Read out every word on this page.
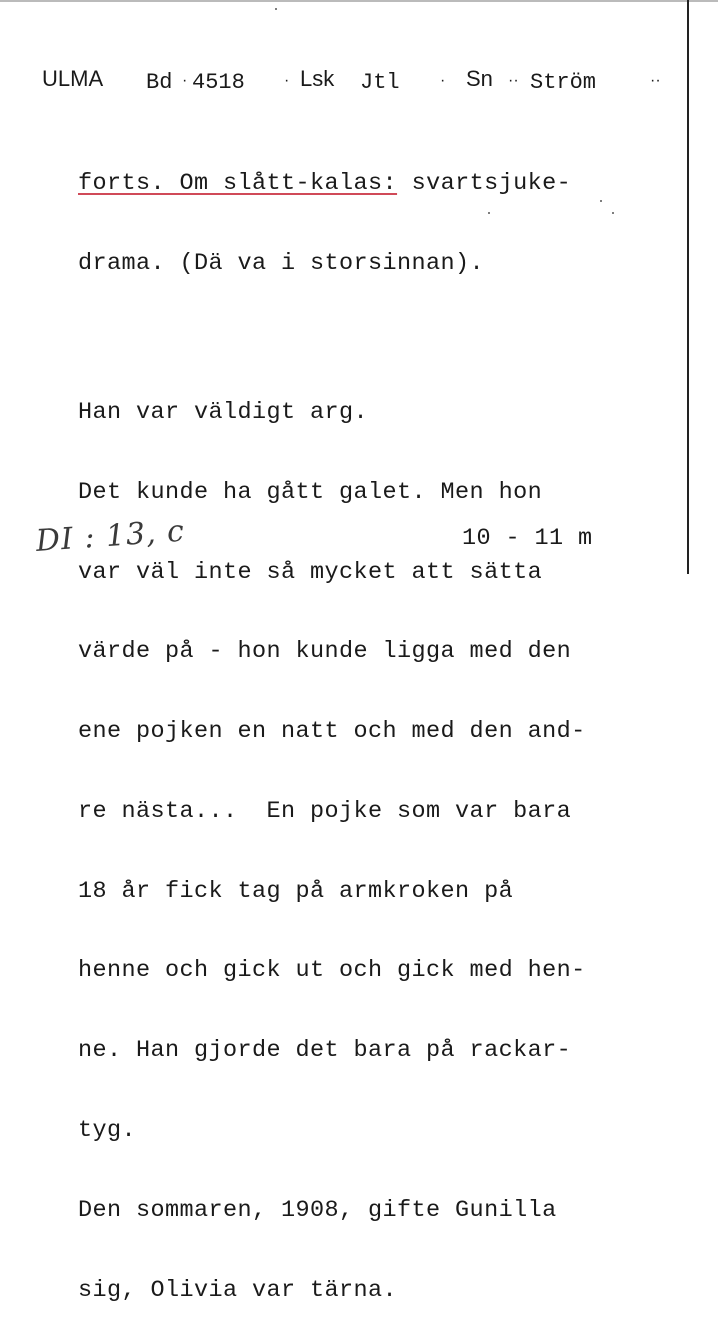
ULMA Bd · 4518 · Lsk Jtl	· Sn ·· Ström	··

forts. Om slått-kalas: svartsjuke-

drama. (Dä va i storsinnan).

Han var väldigt arg.

Det kunde ha gått galet. Men hon

var väl inte så mycket att sätta

värde på - hon kunde ligga med den

ene pojken en natt och med den and-

re nästa...  En pojke som var bara

18 år fick tag på armkroken på

henne och gick ut och gick med hen-

ne. Han gjorde det bara på rackar-

tyg.

Den sommaren, 1908, gifte Gunilla

sig, Olivia var tärna.

DI : 13, c	10 - 11 m
